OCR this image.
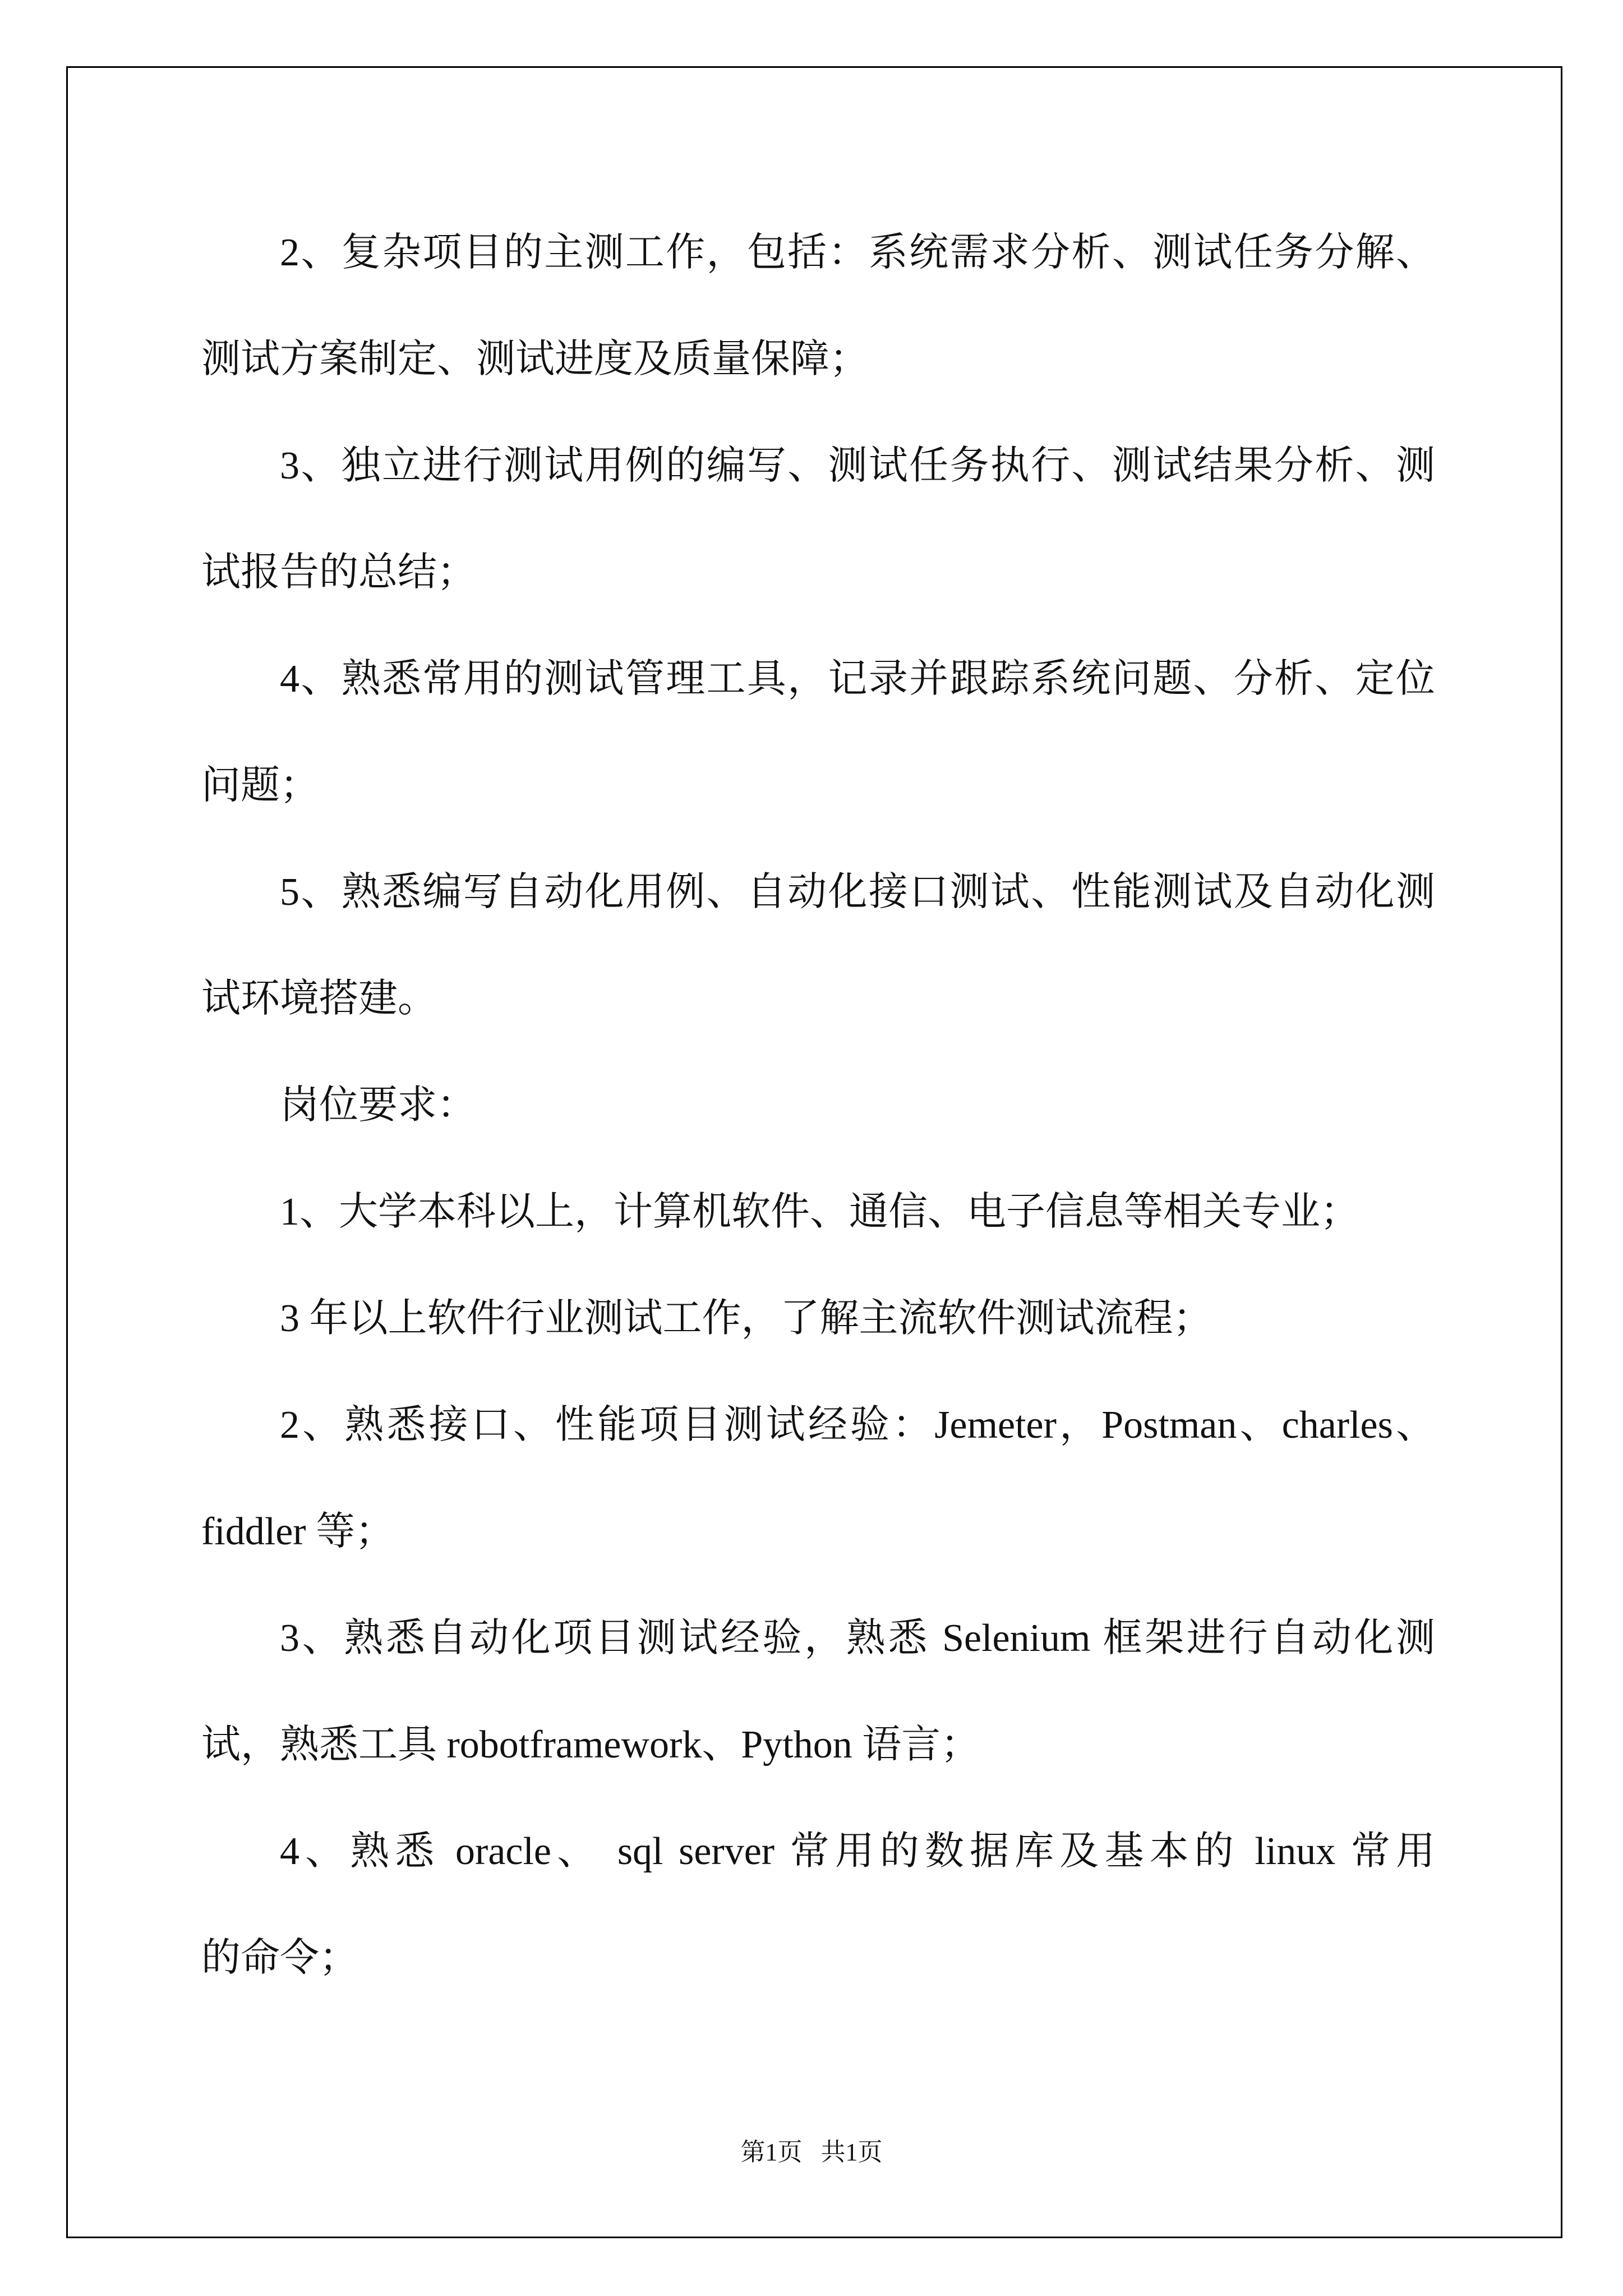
2、复杂项目的主测工作，包括：系统需求分析、测试任务分解、
测试方案制定、测试进度及质量保障；
3、独立进行测试用例的编写、测试任务执行、测试结果分析、测
试报告的总结；
4、熟悉常用的测试管理工具，记录并跟踪系统问题、分析、定位
问题；
5、熟悉编写自动化用例、自动化接口测试、性能测试及自动化测
试环境搭建。
岗位要求：
1、大学本科以上，计算机软件、通信、电子信息等相关专业；
3 年以上软件行业测试工作，了解主流软件测试流程；
2、熟悉接口、性能项目测试经验：Jemeter，Postman、charles、
fiddler 等；
3、熟悉自动化项目测试经验，熟悉 Selenium 框架进行自动化测
试，熟悉工具 robotframework、Python 语言；
4、熟悉 oracle、 sql server 常用的数据库及基本的 linux 常用
的命令；
第1页   共1页
